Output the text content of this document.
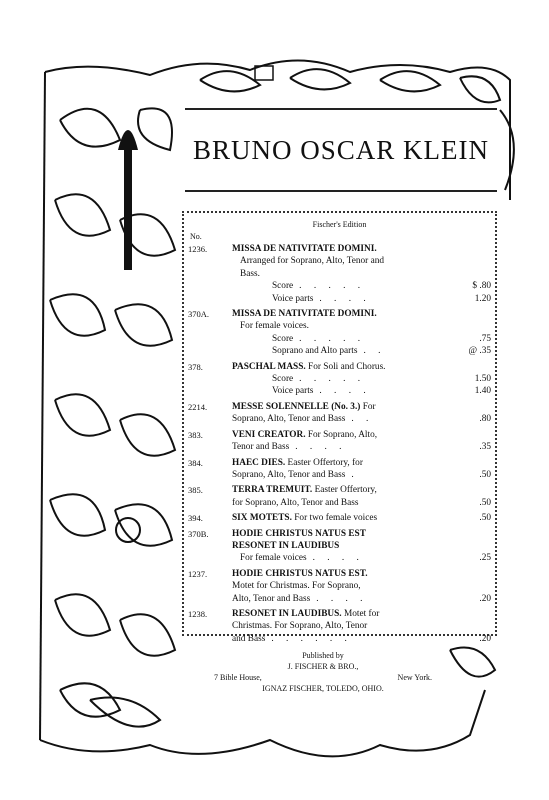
BRUNO OSCAR KLEIN
Fischer's Edition
No.
1236.	MISSA DE NATIVITATE DOMINI.
Arranged for Soprano, Alto, Tenor and
Bass.
Score . . . . .	$ .80
Voice parts . . . .	1.20
370A.	MISSA DE NATIVITATE DOMINI.
For female voices.
Score . . . . .	.75
Soprano and Alto parts . .	@ .35
378.	PASCHAL MASS. For Soli and Chorus.
Score . . . . .	1.50
Voice parts . . . .	1.40
2214.	MESSE SOLENNELLE (No. 3.) For
Soprano, Alto, Tenor and Bass . .	.80
383.	VENI CREATOR. For Soprano, Alto,
Tenor and Bass . . . .	.35
384.	HAEC DIES. Easter Offertory, for
Soprano, Alto, Tenor and Bass .	.50
385.	TERRA TREMUIT. Easter Offertory,
for Soprano, Alto, Tenor and Bass	.50
394.	SIX MOTETS. For two female voices	.50
370B.	HODIE CHRISTUS NATUS EST
RESONET IN LAUDIBUS
For female voices . . . .	.25
1237.	HODIE CHRISTUS NATUS EST.
Motet for Christmas. For Soprano,
Alto, Tenor and Bass . . . .	.20
1238.	RESONET IN LAUDIBUS. Motet for
Christmas. For Soprano, Alto, Tenor
and Bass . . . . . .	.20
Published by
J. FISCHER & BRO.,
7 Bible House,	New York.
IGNAZ FISCHER, TOLEDO, OHIO.
